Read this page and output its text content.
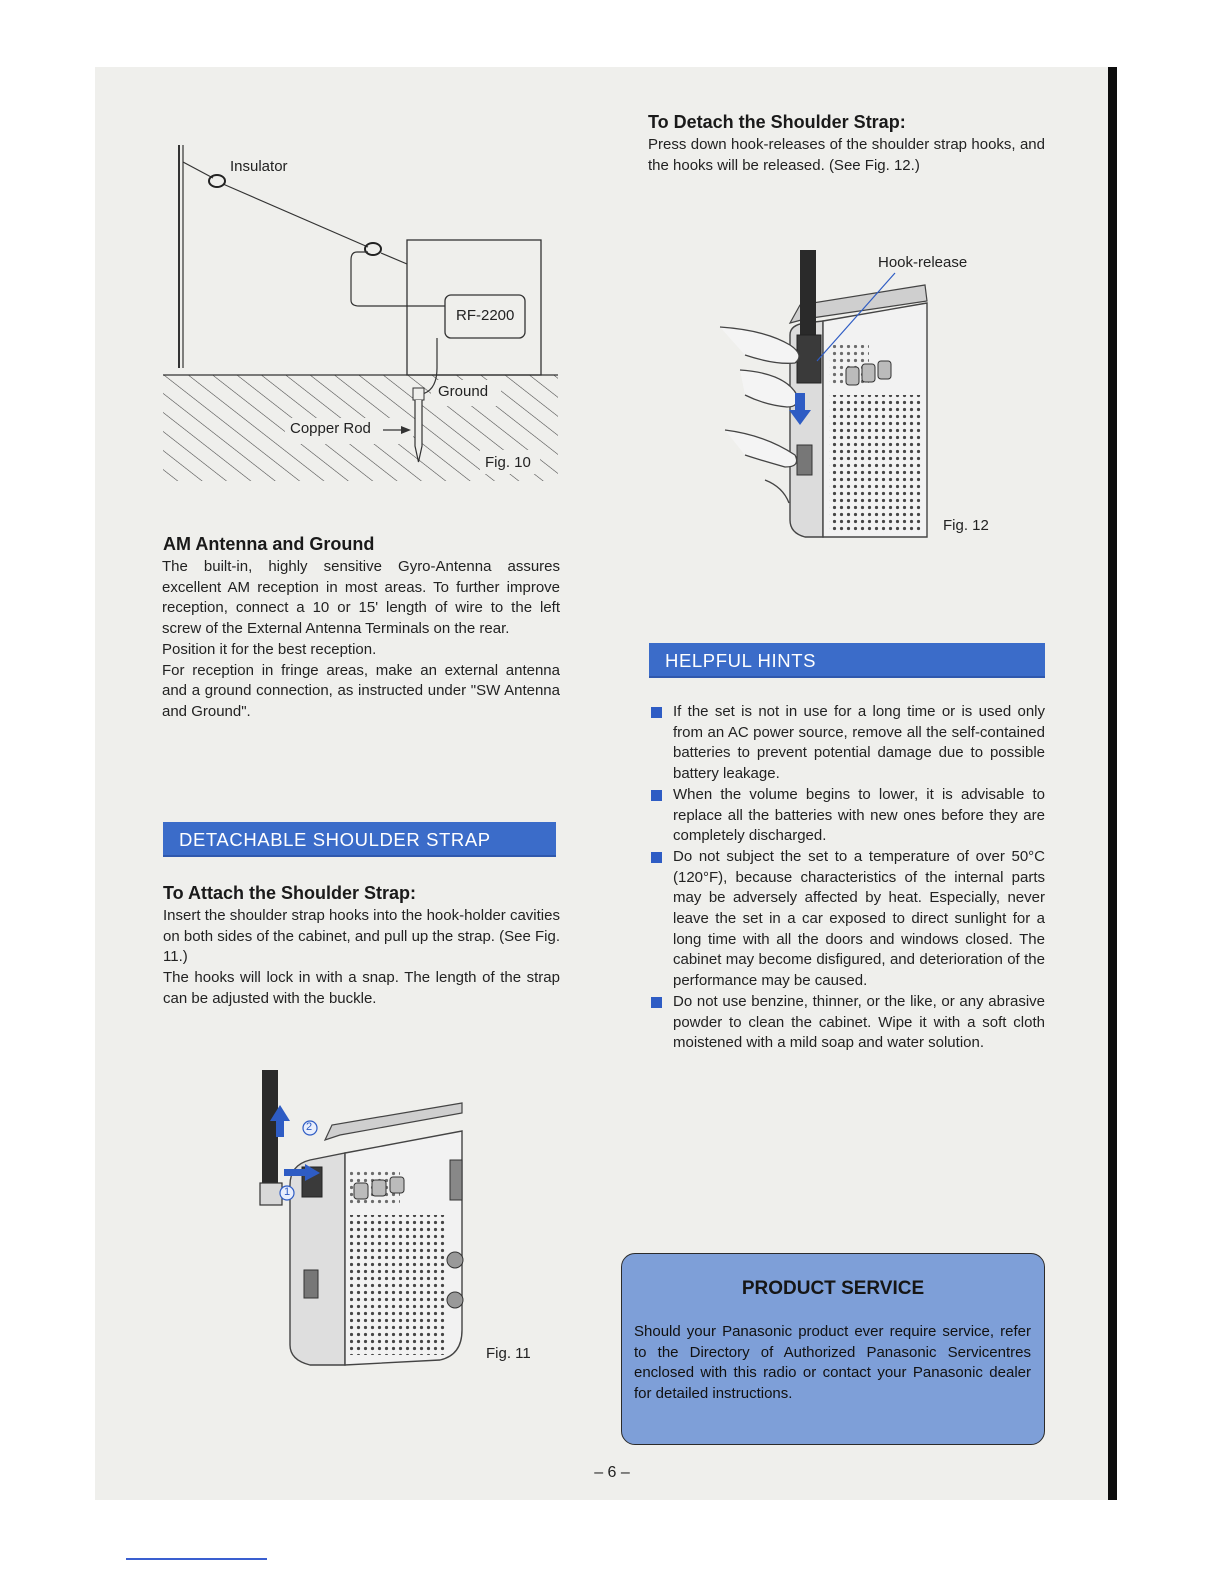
Insulator
RF-2200
Ground
Copper Rod
Fig. 10
AM Antenna and Ground

The built-in, highly sensitive Gyro-Antenna assures excellent AM reception in most areas. To further improve reception, connect a 10 or 15' length of wire to the left screw of the External Antenna Terminals on the rear.

Position it for the best reception.

For reception in fringe areas, make an external antenna and a ground connection, as instructed under "SW Antenna and Ground".

DETACHABLE SHOULDER STRAP
To Attach the Shoulder Strap:

Insert the shoulder strap hooks into the hook-holder cavities on both sides of the cabinet, and pull up the strap. (See Fig. 11.)

The hooks will lock in with a snap. The length of the strap can be adjusted with the buckle.

2
1
Fig. 11
To Detach the Shoulder Strap:

Press down hook-releases of the shoulder strap hooks, and the hooks will be released. (See Fig. 12.)

Hook-release
Fig. 12
HELPFUL HINTS
If the set is not in use for a long time or is used only from an AC power source, remove all the self-contained batteries to prevent potential damage due to possible battery leakage.
When the volume begins to lower, it is advisable to replace all the batteries with new ones before they are completely discharged.
Do not subject the set to a temperature of over 50°C (120°F), because characteristics of the internal parts may be adversely affected by heat. Especially, never leave the set in a car exposed to direct sunlight for a long time with all the doors and windows closed. The cabinet may become disfigured, and deterioration of the performance may be caused.
Do not use benzine, thinner, or the like, or any abrasive powder to clean the cabinet. Wipe it with a soft cloth moistened with a mild soap and water solution.
PRODUCT SERVICE
Should your Panasonic product ever require service, refer to the Directory of Authorized Panasonic Servicentres enclosed with this radio or contact your Panasonic dealer for detailed instructions.
– 6 –
